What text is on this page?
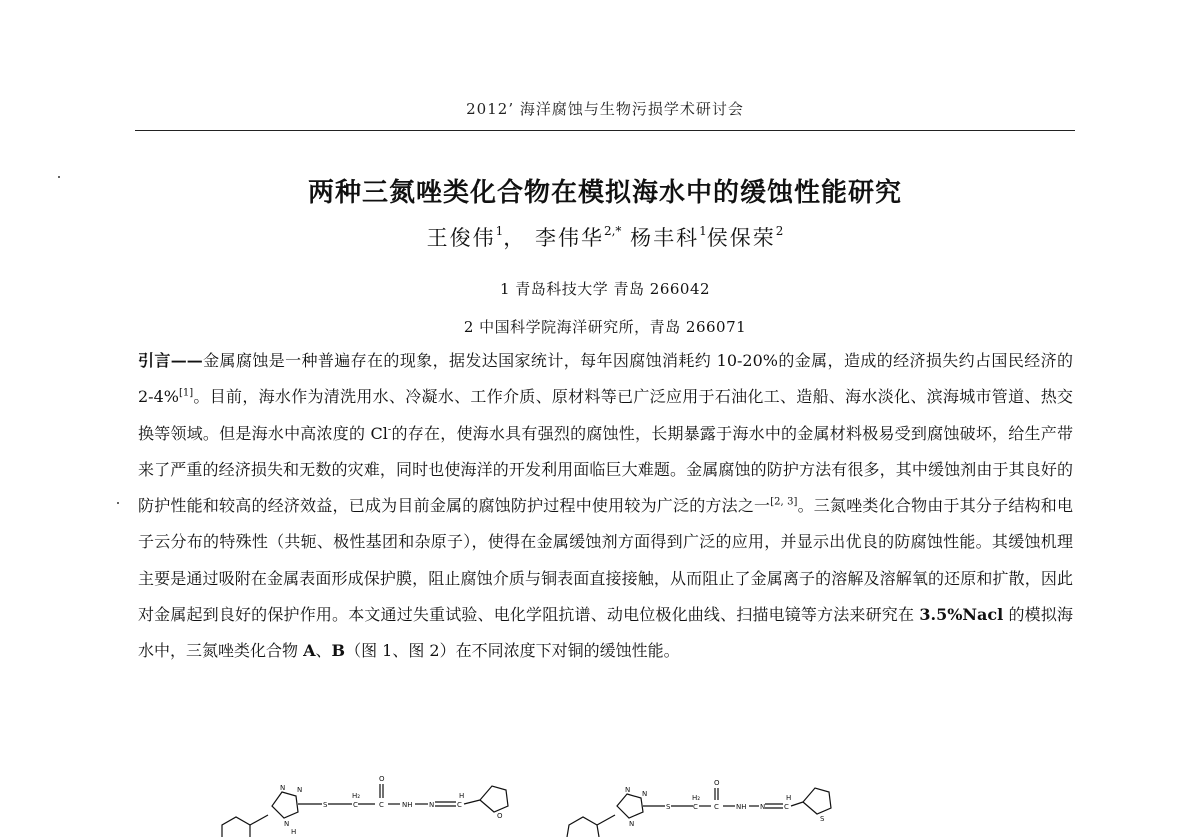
2012’ 海洋腐蚀与生物污损学术研讨会
两种三氮唑类化合物在模拟海水中的缓蚀性能研究
王俊伟$^1$， 李伟华$^{2,*}$ 杨丰科$^1$侯保荣$^2$
1 青岛科技大学 青岛 266042
2 中国科学院海洋研究所，青岛 266071
引言——金属腐蚀是一种普遍存在的现象，据发达国家统计，每年因腐蚀消耗约 10-20%的金属，造成的经济损失约占国民经济的 2-4%[1]。目前，海水作为清洗用水、冷凝水、工作介质、原材料等已广泛应用于石油化工、造船、海水淡化、滨海城市管道、热交换等领域。但是海水中高浓度的 Cl-的存在，使海水具有强烈的腐蚀性，长期暴露于海水中的金属材料极易受到腐蚀破坏，给生产带来了严重的经济损失和无数的灾难，同时也使海洋的开发利用面临巨大难题。金属腐蚀的防护方法有很多，其中缓蚀剂由于其良好的防护性能和较高的经济效益，已成为目前金属的腐蚀防护过程中使用较为广泛的方法之一[2, 3]。三氮唑类化合物由于其分子结构和电子云分布的特殊性（共轭、极性基团和杂原子），使得在金属缓蚀剂方面得到广泛的应用，并显示出优良的防腐蚀性能。其缓蚀机理主要是通过吸附在金属表面形成保护膜，阻止腐蚀介质与铜表面直接接触，从而阻止了金属离子的溶解及溶解氧的还原和扩散，因此对金属起到良好的保护作用。本文通过失重试验、电化学阻抗谱、动电位极化曲线、扫描电镜等方法来研究在 3.5%Nacl 的模拟海水中，三氮唑类化合物 A、B（图 1、图 2）在不同浓度下对铜的缓蚀性能。
N N
N
H
S
H₂
C
O
C	NH N	C
H
O
N N
N
S
H₂
C
O
C NH N	C
H
S
